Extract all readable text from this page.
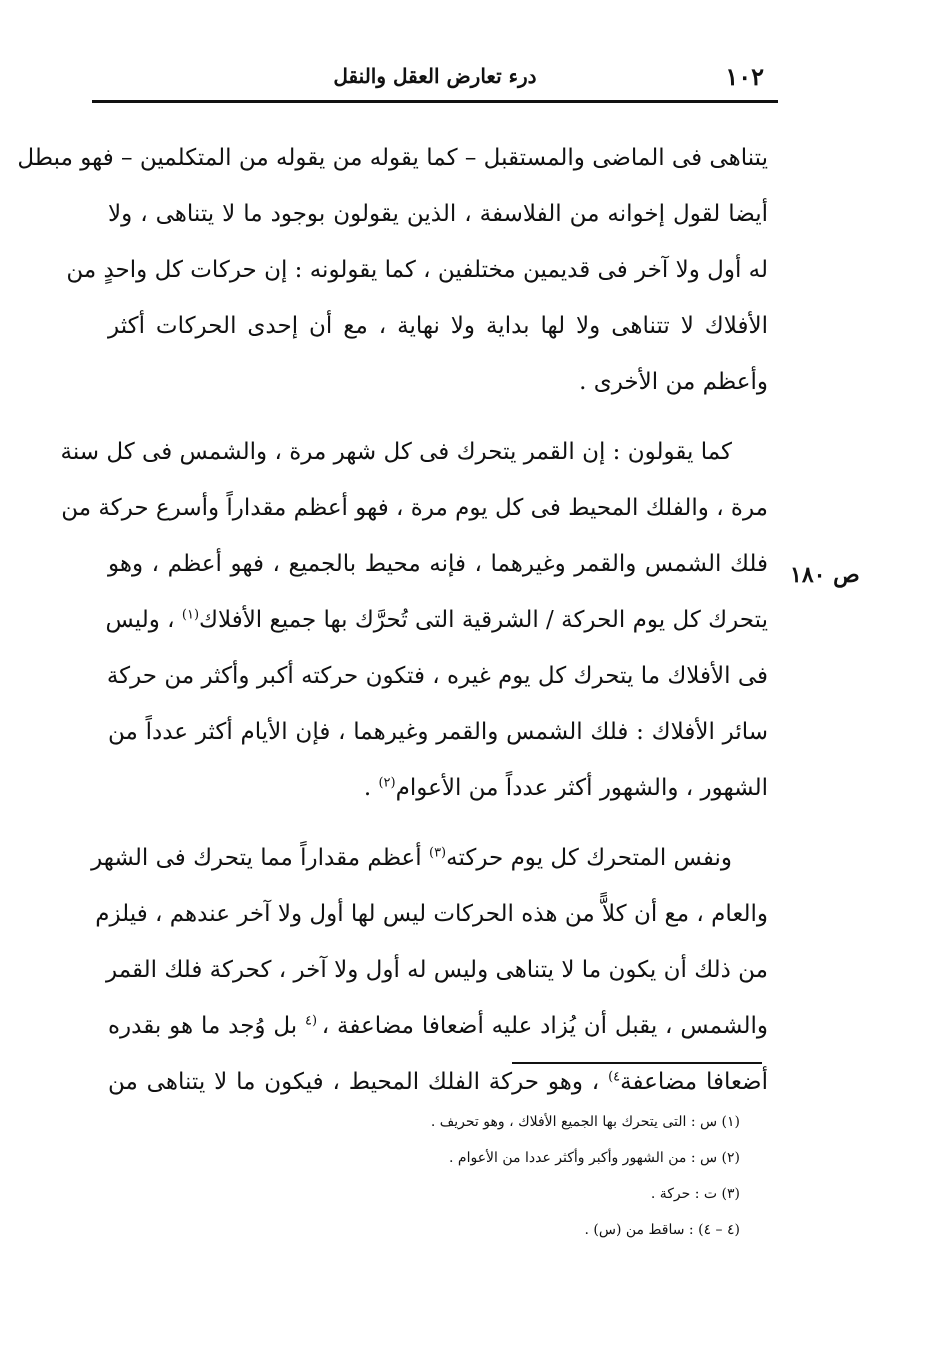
١٠٢
درء تعارض العقل والنقل
ص ١٨٠
يتناهى فى الماضى والمستقبل – كما يقوله من يقوله من المتكلمين – فهو مبطل
أيضا لقول إخوانه من الفلاسفة ، الذين يقولون بوجود ما لا يتناهى ، ولا
له أول ولا آخر فى قديمين مختلفين ، كما يقولونه : إن حركات كل واحدٍ من
الأفلاك لا تتناهى ولا لها بداية ولا نهاية ، مع أن إحدى الحركات أكثر
وأعظم من الأخرى .
كما يقولون : إن القمر يتحرك فى كل شهر مرة ، والشمس فى كل سنة
مرة ، والفلك المحيط فى كل يوم مرة ، فهو أعظم مقداراً وأسرع حركة من
فلك الشمس والقمر وغيرهما ، فإنه محيط بالجميع ، فهو أعظم ، وهو
يتحرك كل يوم الحركة / الشرقية التى تُحرَّك بها جميع الأفلاك$^{(١)}$ ، وليس
فى الأفلاك ما يتحرك كل يوم غيره ، فتكون حركته أكبر وأكثر من حركة
سائر الأفلاك : فلك الشمس والقمر وغيرهما ، فإن الأيام أكثر عدداً من
الشهور ، والشهور أكثر عدداً من الأعوام$^{(٢)}$ .
ونفس المتحرك كل يوم حركته$^{(٣)}$ أعظم مقداراً مما يتحرك فى الشهر
والعام ، مع أن كلاًّ من هذه الحركات ليس لها أول ولا آخر عندهم ، فيلزم
من ذلك أن يكون ما لا يتناهى وليس له أول ولا آخر ، كحركة فلك القمر
والشمس ، يقبل أن يُزاد عليه أضعافا مضاعفة ، $^{(٤}$ بل وُجد ما هو بقدره
أضعافا مضاعفة$^{٤)}$ ، وهو حركة الفلك المحيط ، فيكون ما لا يتناهى من
(١) س : التى يتحرك بها الجميع الأفلاك ، وهو تحريف .
(٢) س : من الشهور وأكبر وأكثر عددا من الأعوام .
(٣) ت : حركة .
(٤ – ٤) : ساقط من (س) .
